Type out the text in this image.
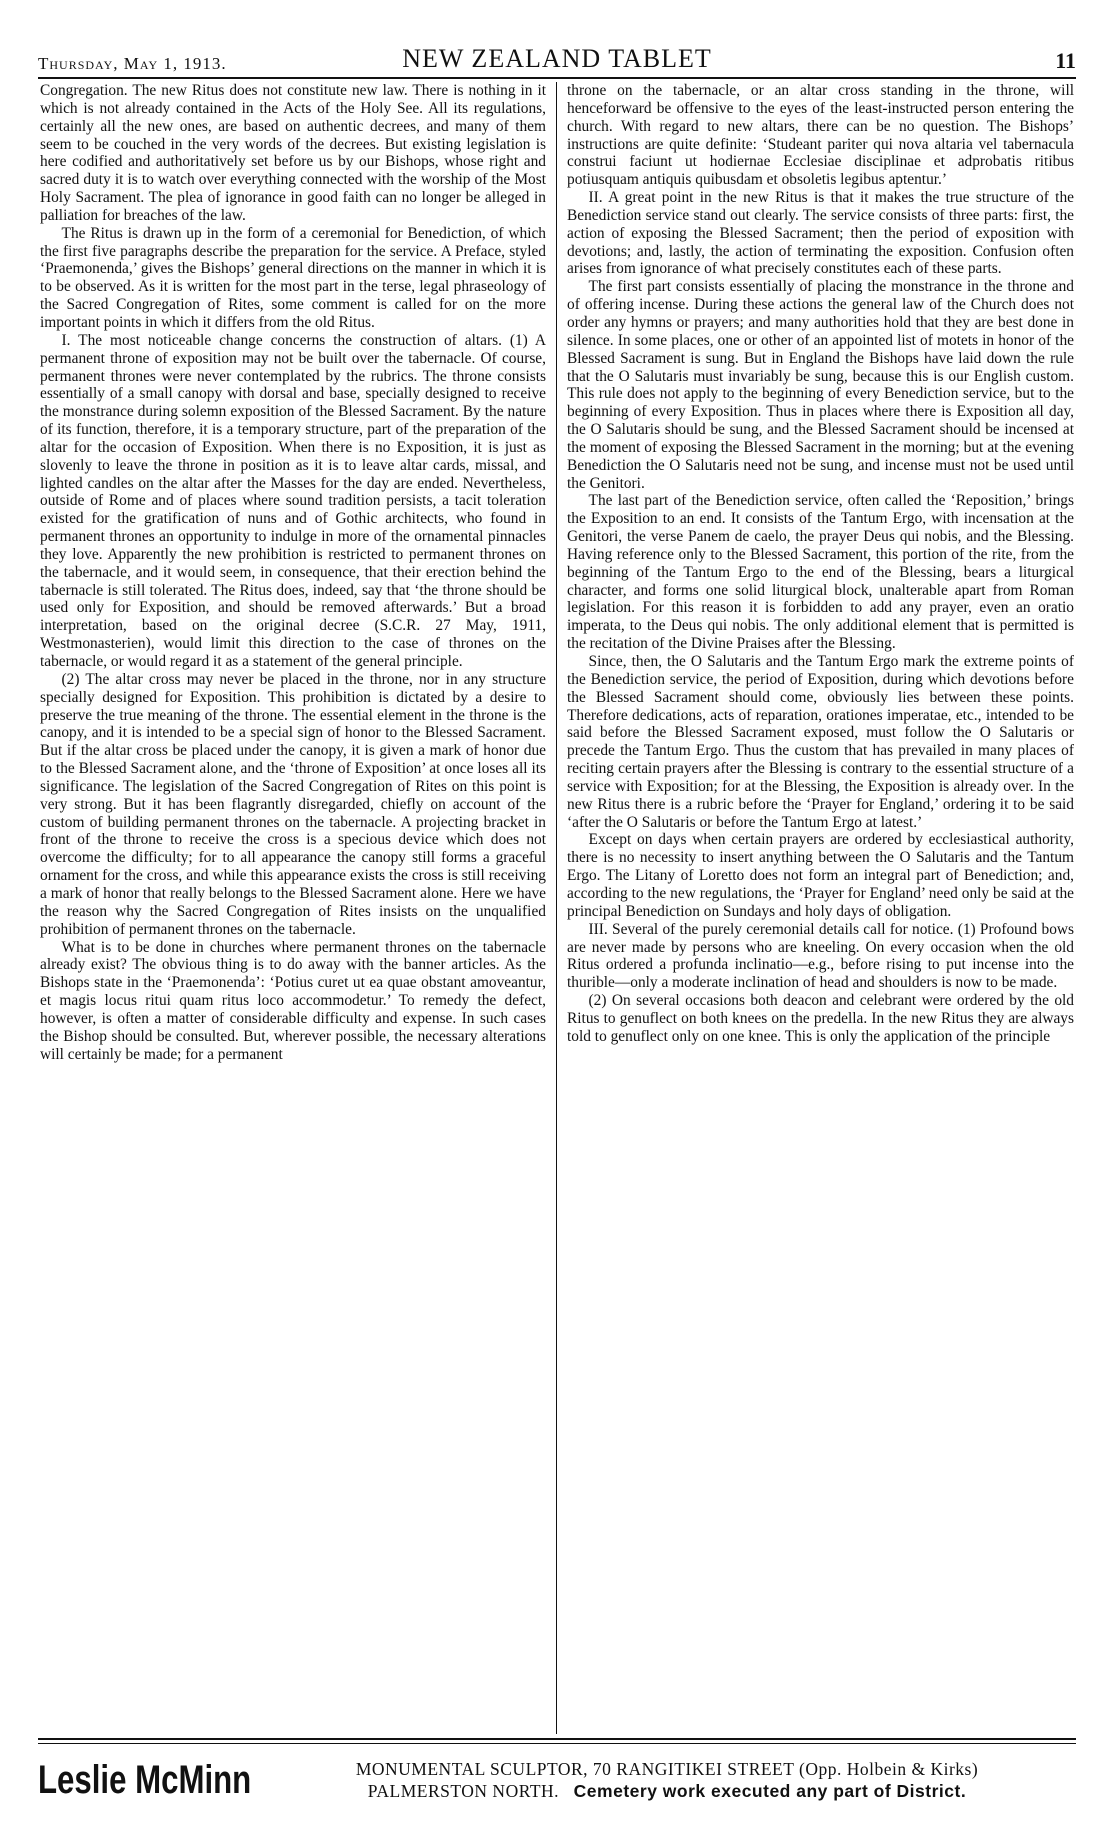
Thursday, May 1, 1913.	NEW ZEALAND TABLET	11

Congregation. The new Ritus does not constitute new law. There is nothing in it which is not already contained in the Acts of the Holy See. All its regulations, certainly all the new ones, are based on authentic decrees, and many of them seem to be couched in the very words of the decrees. But existing legislation is here codified and authoritatively set before us by our Bishops, whose right and sacred duty it is to watch over everything connected with the worship of the Most Holy Sacrament. The plea of ignorance in good faith can no longer be alleged in palliation for breaches of the law.

The Ritus is drawn up in the form of a ceremonial for Benediction, of which the first five paragraphs describe the preparation for the service. A Preface, styled ‘Praemonenda,’ gives the Bishops’ general directions on the manner in which it is to be observed. As it is written for the most part in the terse, legal phraseology of the Sacred Congregation of Rites, some comment is called for on the more important points in which it differs from the old Ritus.

I. The most noticeable change concerns the construction of altars. (1) A permanent throne of exposition may not be built over the tabernacle. Of course, permanent thrones were never contemplated by the rubrics. The throne consists essentially of a small canopy with dorsal and base, specially designed to receive the monstrance during solemn exposition of the Blessed Sacrament. By the nature of its function, therefore, it is a temporary structure, part of the preparation of the altar for the occasion of Exposition. When there is no Exposition, it is just as slovenly to leave the throne in position as it is to leave altar cards, missal, and lighted candles on the altar after the Masses for the day are ended. Nevertheless, outside of Rome and of places where sound tradition persists, a tacit toleration existed for the gratification of nuns and of Gothic architects, who found in permanent thrones an opportunity to indulge in more of the ornamental pinnacles they love. Apparently the new prohibition is restricted to permanent thrones on the tabernacle, and it would seem, in consequence, that their erection behind the tabernacle is still tolerated. The Ritus does, indeed, say that ‘the throne should be used only for Exposition, and should be removed afterwards.’ But a broad interpretation, based on the original decree (S.C.R. 27 May, 1911, Westmonasterien), would limit this direction to the case of thrones on the tabernacle, or would regard it as a statement of the general principle.

(2) The altar cross may never be placed in the throne, nor in any structure specially designed for Exposition. This prohibition is dictated by a desire to preserve the true meaning of the throne. The essential element in the throne is the canopy, and it is intended to be a special sign of honor to the Blessed Sacrament. But if the altar cross be placed under the canopy, it is given a mark of honor due to the Blessed Sacrament alone, and the ‘throne of Exposition’ at once loses all its significance. The legislation of the Sacred Congregation of Rites on this point is very strong. But it has been flagrantly disregarded, chiefly on account of the custom of building permanent thrones on the tabernacle. A projecting bracket in front of the throne to receive the cross is a specious device which does not overcome the difficulty; for to all appearance the canopy still forms a graceful ornament for the cross, and while this appearance exists the cross is still receiving a mark of honor that really belongs to the Blessed Sacrament alone. Here we have the reason why the Sacred Congregation of Rites insists on the unqualified prohibition of permanent thrones on the tabernacle.

What is to be done in churches where permanent thrones on the tabernacle already exist? The obvious thing is to do away with the banner articles. As the Bishops state in the ‘Praemonenda’: ‘Potius curet ut ea quae obstant amoveantur, et magis locus ritui quam ritus loco accommodetur.’ To remedy the defect, however, is often a matter of considerable difficulty and expense. In such cases the Bishop should be consulted. But, wherever possible, the necessary alterations will certainly be made; for a permanent

throne on the tabernacle, or an altar cross standing in the throne, will henceforward be offensive to the eyes of the least-instructed person entering the church. With regard to new altars, there can be no question. The Bishops’ instructions are quite definite: ‘Studeant pariter qui nova altaria vel tabernacula construi faciunt ut hodiernae Ecclesiae disciplinae et adprobatis ritibus potiusquam antiquis quibusdam et obsoletis legibus aptentur.’

II. A great point in the new Ritus is that it makes the true structure of the Benediction service stand out clearly. The service consists of three parts: first, the action of exposing the Blessed Sacrament; then the period of exposition with devotions; and, lastly, the action of terminating the exposition. Confusion often arises from ignorance of what precisely constitutes each of these parts.

The first part consists essentially of placing the monstrance in the throne and of offering incense. During these actions the general law of the Church does not order any hymns or prayers; and many authorities hold that they are best done in silence. In some places, one or other of an appointed list of motets in honor of the Blessed Sacrament is sung. But in England the Bishops have laid down the rule that the O Salutaris must invariably be sung, because this is our English custom. This rule does not apply to the beginning of every Benediction service, but to the beginning of every Exposition. Thus in places where there is Exposition all day, the O Salutaris should be sung, and the Blessed Sacrament should be incensed at the moment of exposing the Blessed Sacrament in the morning; but at the evening Benediction the O Salutaris need not be sung, and incense must not be used until the Genitori.

The last part of the Benediction service, often called the ‘Reposition,’ brings the Exposition to an end. It consists of the Tantum Ergo, with incensation at the Genitori, the verse Panem de caelo, the prayer Deus qui nobis, and the Blessing. Having reference only to the Blessed Sacrament, this portion of the rite, from the beginning of the Tantum Ergo to the end of the Blessing, bears a liturgical character, and forms one solid liturgical block, unalterable apart from Roman legislation. For this reason it is forbidden to add any prayer, even an oratio imperata, to the Deus qui nobis. The only additional element that is permitted is the recitation of the Divine Praises after the Blessing.

Since, then, the O Salutaris and the Tantum Ergo mark the extreme points of the Benediction service, the period of Exposition, during which devotions before the Blessed Sacrament should come, obviously lies between these points. Therefore dedications, acts of reparation, orationes imperatae, etc., intended to be said before the Blessed Sacrament exposed, must follow the O Salutaris or precede the Tantum Ergo. Thus the custom that has prevailed in many places of reciting certain prayers after the Blessing is contrary to the essential structure of a service with Exposition; for at the Blessing, the Exposition is already over. In the new Ritus there is a rubric before the ‘Prayer for England,’ ordering it to be said ‘after the O Salutaris or before the Tantum Ergo at latest.’

Except on days when certain prayers are ordered by ecclesiastical authority, there is no necessity to insert anything between the O Salutaris and the Tantum Ergo. The Litany of Loretto does not form an integral part of Benediction; and, according to the new regulations, the ‘Prayer for England’ need only be said at the principal Benediction on Sundays and holy days of obligation.

III. Several of the purely ceremonial details call for notice. (1) Profound bows are never made by persons who are kneeling. On every occasion when the old Ritus ordered a profunda inclinatio—e.g., before rising to put incense into the thurible—only a moderate inclination of head and shoulders is now to be made.

(2) On several occasions both deacon and celebrant were ordered by the old Ritus to genuflect on both knees on the predella. In the new Ritus they are always told to genuflect only on one knee. This is only the application of the principle

Leslie McMinn	MONUMENTAL SCULPTOR, 70 RANGITIKEI STREET (Opp. Holbein & Kirks)
PALMERSTON NORTH. Cemetery work executed any part of District.
